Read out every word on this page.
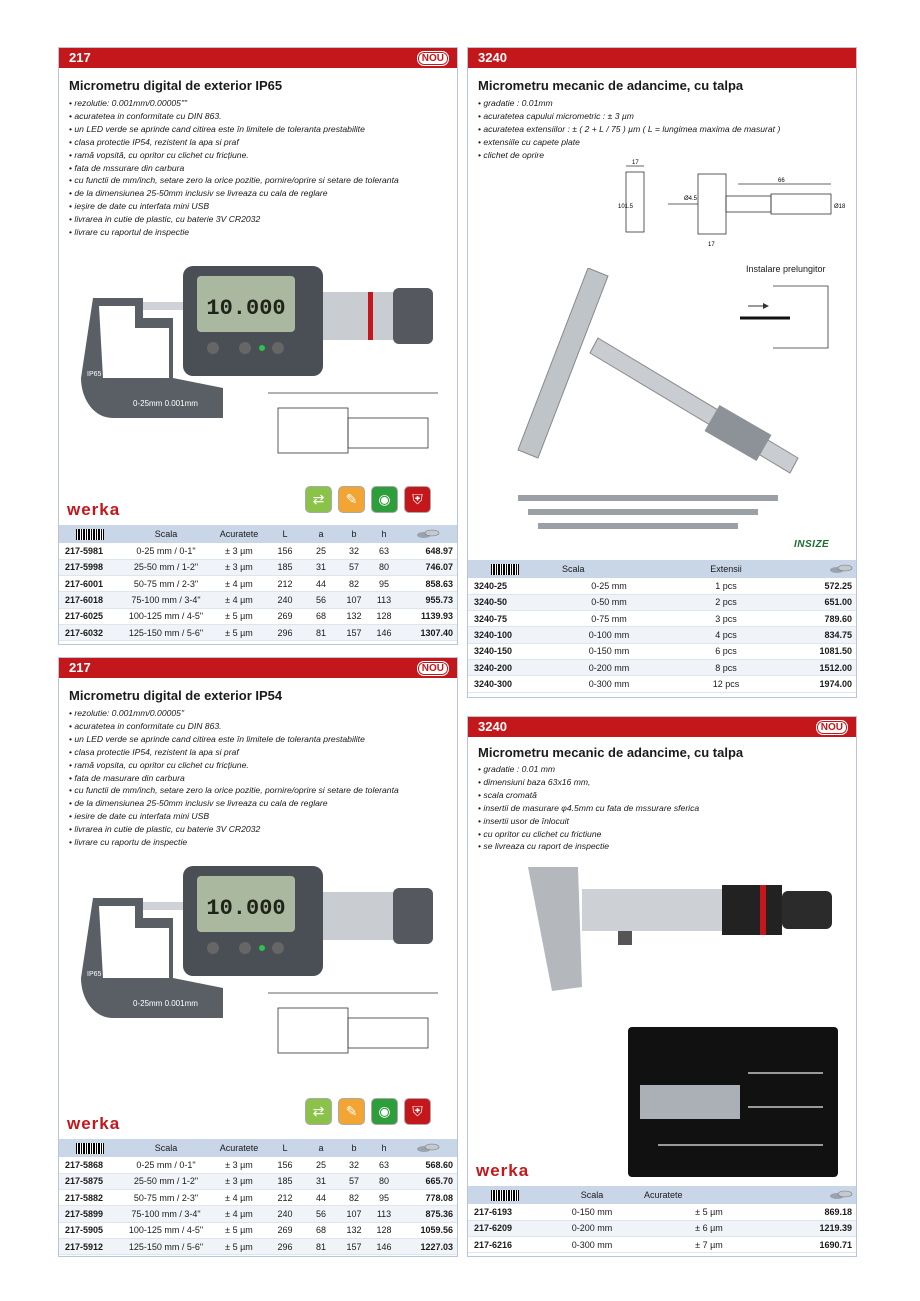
217	NOU
Micrometru digital de exterior IP65
• rezolutie: 0.001mm/0.00005""
• acuratetea in conformitate cu DIN 863.
• un LED verde se aprinde cand citirea este în limitele de toleranta prestabilite
• clasa protectie IP54, rezistent la apa si praf
• ramă vopsită, cu opritor cu clichet cu fricțiune.
• fata de mssurare din carbura
• cu functii de mm/inch, setare zero la orice pozitie, pornire/oprire si setare de toleranta
• de la dimensiunea 25-50mm inclusiv se livreaza cu cala de reglare
• ieșire de date cu interfata mini USB
• livrarea in cutie de plastic, cu baterie 3V CR2032
• livrare cu raportul de inspectie
10.000
0-25mm 0.001mm
IP65
werka
⇄	✎	◉	⛨
	Scala	Acuratete	L	a	b	h	
217-5981	0-25 mm / 0-1"	± 3 µm	156	25	32	63	648.97
217-5998	25-50 mm / 1-2"	± 3 µm	185	31	57	80	746.07
217-6001	50-75 mm / 2-3"	± 4 µm	212	44	82	95	858.63
217-6018	75-100 mm / 3-4"	± 4 µm	240	56	107	113	955.73
217-6025	100-125 mm / 4-5"	± 5 µm	269	68	132	128	1139.93
217-6032	125-150 mm / 5-6"	± 5 µm	296	81	157	146	1307.40
217	NOU
Micrometru digital de exterior IP54
• rezolutie: 0.001mm/0.00005"
• acuratetea in conformitate cu DIN 863.
• un LED verde se aprinde cand citirea este în limitele de toleranta prestabilite
• clasa protectie IP54, rezistent la apa si praf
• ramă vopsita, cu opritor cu clichet cu fricțiune.
• fata de masurare din carbura
• cu functii de mm/inch, setare zero la orice pozitie, pornire/oprire si setare de toleranta
• de la dimensiunea 25-50mm inclusiv se livreaza cu cala de reglare
• iesire de date cu interfata mini USB
• livrarea in cutie de plastic, cu baterie 3V CR2032
• livrare cu raportu de inspectie
10.000
0-25mm 0.001mm
IP65
werka
⇄	✎	◉	⛨
	Scala	Acuratete	L	a	b	h	
217-5868	0-25 mm / 0-1"	± 3 µm	156	25	32	63	568.60
217-5875	25-50 mm / 1-2"	± 3 µm	185	31	57	80	665.70
217-5882	50-75 mm / 2-3"	± 4 µm	212	44	82	95	778.08
217-5899	75-100 mm / 3-4"	± 4 µm	240	56	107	113	875.36
217-5905	100-125 mm / 4-5"	± 5 µm	269	68	132	128	1059.56
217-5912	125-150 mm / 5-6"	± 5 µm	296	81	157	146	1227.03
3240
Micrometru mecanic de adancime, cu talpa
• gradatie : 0.01mm
• acuratetea capului micrometric : ± 3 µm
• acuratetea extensiilor : ± ( 2 + L / 75 ) µm ( L = lungimea maxima de masurat )
• extensiile cu capete plate
• clichet de oprire
17
66
Ø4.5
101.5	Ø18
17
Instalare prelungitor
INSIZE
	Scala	Extensii	
3240-25	0-25 mm	1 pcs	572.25
3240-50	0-50 mm	2 pcs	651.00
3240-75	0-75 mm	3 pcs	789.60
3240-100	0-100 mm	4 pcs	834.75
3240-150	0-150 mm	6 pcs	1081.50
3240-200	0-200 mm	8 pcs	1512.00
3240-300	0-300 mm	12 pcs	1974.00
3240	NOU
Micrometru mecanic de adancime, cu talpa
• gradatie : 0.01 mm
• dimensiuni baza 63x16 mm,
• scala cromată
• insertii de masurare φ4.5mm cu fata de mssurare sferica
• insertii usor de înlocuit
• cu opritor cu clichet cu frictiune
• se livreaza cu raport de inspectie
werka
	Scala	Acuratete	
217-6193	0-150 mm	± 5 µm	869.18
217-6209	0-200 mm	± 6 µm	1219.39
217-6216	0-300 mm	± 7 µm	1690.71
